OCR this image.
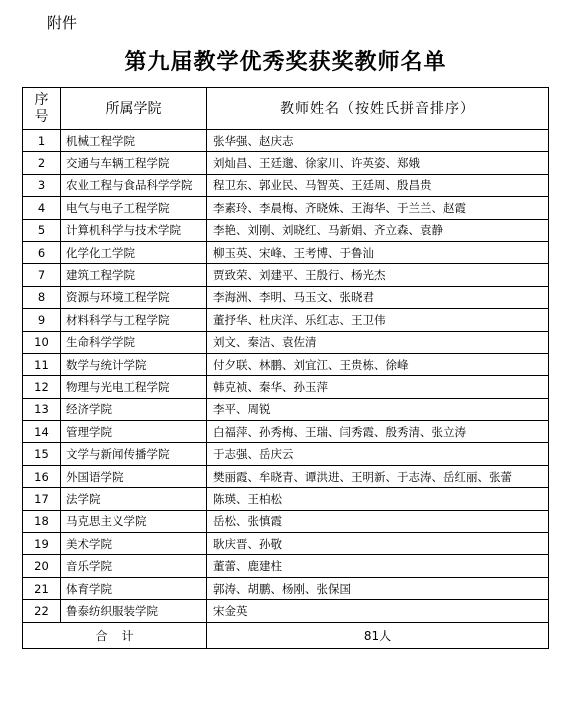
附件
第九届教学优秀奖获奖教师名单
序号	所属学院	教师姓名（按姓氏拼音排序）
1	机械工程学院	张华强、赵庆志
2	交通与车辆工程学院	刘灿昌、王廷邈、徐家川、许英姿、郑娥
3	农业工程与食品科学学院	程卫东、郭业民、马智英、王廷周、殷昌贵
4	电气与电子工程学院	李素玲、李晨梅、齐晓姝、王海华、于兰兰、赵霞
5	计算机科学与技术学院	李艳、刘刚、刘晓红、马新娟、齐立森、袁静
6	化学化工学院	柳玉英、宋峰、王考博、于鲁汕
7	建筑工程学院	贾致荣、刘建平、王殷行、杨光杰
8	资源与环境工程学院	李海洲、李明、马玉文、张晓君
9	材料科学与工程学院	董抒华、杜庆洋、乐红志、王卫伟
10	生命科学学院	刘文、秦洁、袁佐清
11	数学与统计学院	付夕联、林鹏、刘宜江、王贵栋、徐峰
12	物理与光电工程学院	韩克祯、秦华、孙玉萍
13	经济学院	李平、周锐
14	管理学院	白福萍、孙秀梅、王瑞、闫秀霞、殷秀清、张立涛
15	文学与新闻传播学院	于志强、岳庆云
16	外国语学院	樊丽霞、牟晓青、谭洪进、王明新、于志涛、岳红丽、张蕾
17	法学院	陈瑛、王柏松
18	马克思主义学院	岳松、张慎霞
19	美术学院	耿庆晋、孙敬
20	音乐学院	董蕾、鹿建柱
21	体育学院	郭涛、胡鹏、杨刚、张保国
22	鲁泰纺织服装学院	宋金英
合计		81人
